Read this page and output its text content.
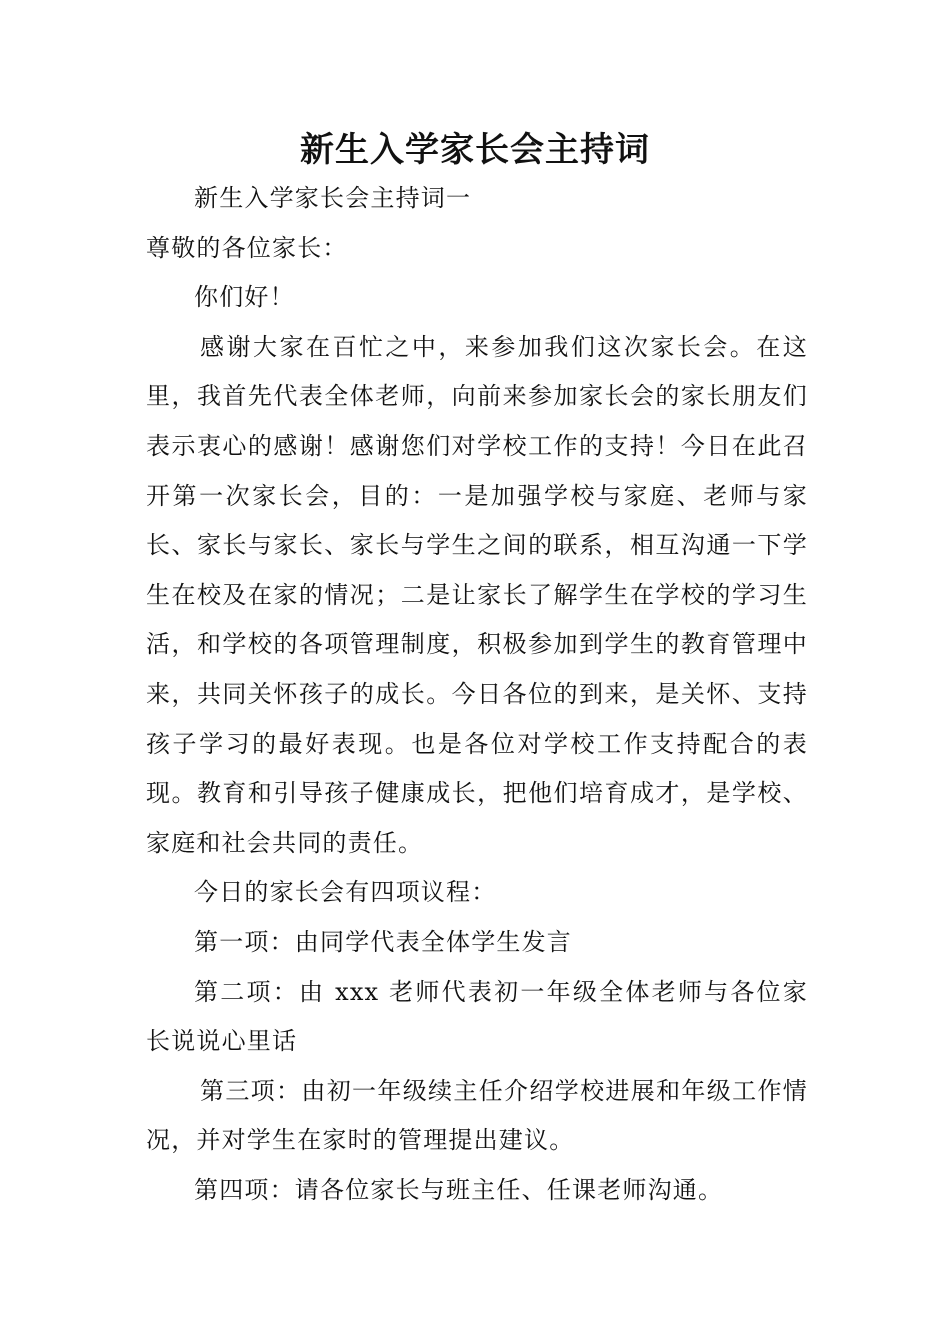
新生入学家长会主持词

新生入学家长会主持词一

尊敬的各位家长：

你们好！

感谢大家在百忙之中，来参加我们这次家长会。在这里，我首先代表全体老师，向前来参加家长会的家长朋友们表示衷心的感谢！感谢您们对学校工作的支持！今日在此召开第一次家长会，目的：一是加强学校与家庭、老师与家长、家长与家长、家长与学生之间的联系，相互沟通一下学生在校及在家的情况；二是让家长了解学生在学校的学习生活，和学校的各项管理制度，积极参加到学生的教育管理中来，共同关怀孩子的成长。今日各位的到来，是关怀、支持孩子学习的最好表现。也是各位对学校工作支持配合的表现。教育和引导孩子健康成长，把他们培育成才，是学校、家庭和社会共同的责任。

今日的家长会有四项议程：

第一项：由同学代表全体学生发言

第二项：由 xxx 老师代表初一年级全体老师与各位家长说说心里话

第三项：由初一年级续主任介绍学校进展和年级工作情况，并对学生在家时的管理提出建议。

第四项：请各位家长与班主任、任课老师沟通。
